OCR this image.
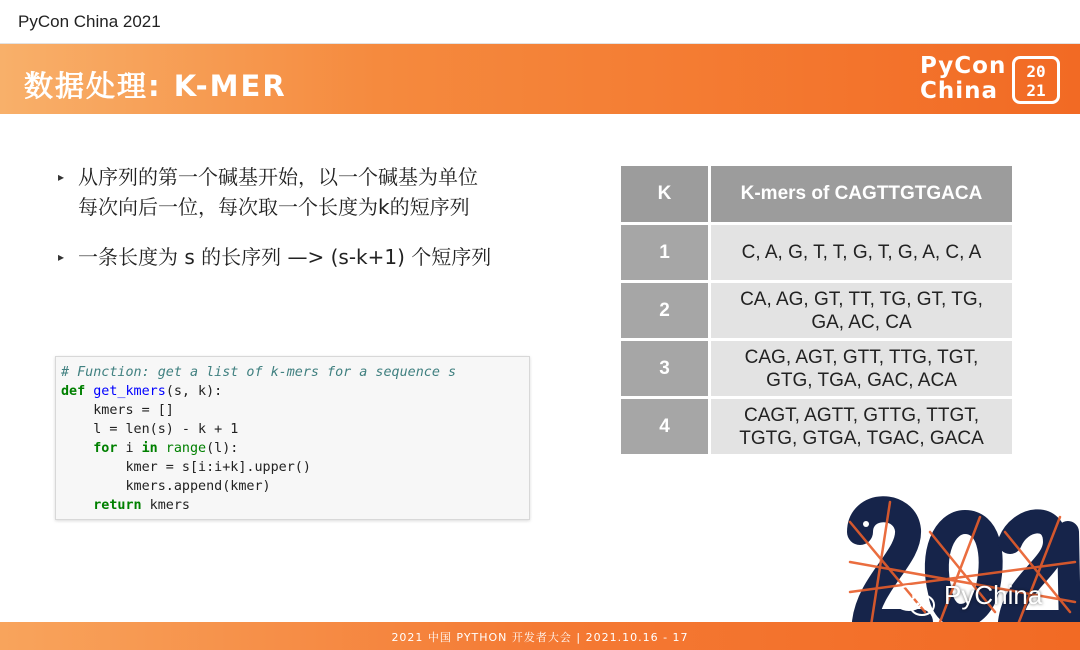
PyCon China 2021
数据处理: K-MER
PyCon
China
20
21
▸ 从序列的第一个碱基开始，以一个碱基为单位
每次向后一位，每次取一个长度为k的短序列
▸ 一条长度为 s 的长序列 —> (s-k+1) 个短序列
# Function: get a list of k-mers for a sequence s
def get_kmers(s, k):
kmers = []
l = len(s) - k + 1
for i in range(l):
kmer = s[i:i+k].upper()
kmers.append(kmer)
return kmers
K	K-mers of CAGTTGTGACA
1	C, A, G, T, T, G, T, G, A, C, A

2	CA, AG, GT, TT, TG, GT, TG,
GA, AC, CA

3	CAG, AGT, GTT, TTG, TGT,
GTG, TGA, GAC, ACA

4	CAGT, AGTT, GTTG, TTGT,
TGTG, GTGA, TGAC, GACA
PyChina
2021 中国 PYTHON 开发者大会 | 2021.10.16 - 17
